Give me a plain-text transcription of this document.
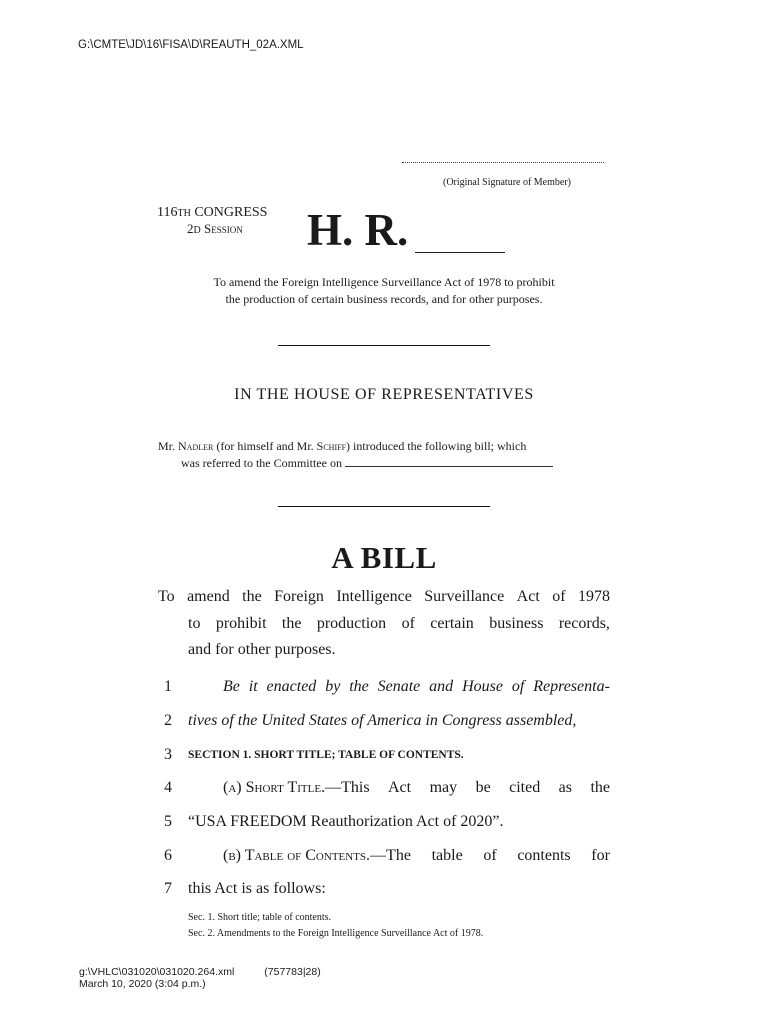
G:\CMTE\JD\16\FISA\D\REAUTH_02A.XML
(Original Signature of Member)
116TH CONGRESS
2D Session H. R.
To amend the Foreign Intelligence Surveillance Act of 1978 to prohibit
the production of certain business records, and for other purposes.
IN THE HOUSE OF REPRESENTATIVES
Mr. Nadler (for himself and Mr. Schiff) introduced the following bill; which
was referred to the Committee on
A BILL
To amend the Foreign Intelligence Surveillance Act of 1978
to prohibit the production of certain business records,
and for other purposes.
1	Be it enacted by the Senate and House of Representa-
2 tives of the United States of America in Congress assembled,
3 SECTION 1. SHORT TITLE; TABLE OF CONTENTS.
4	(a) Short Title. —This Act may be cited as the
5 “USA FREEDOM Reauthorization Act of 2020”.
6	(b) Table of Contents. —The table of contents for
7 this Act is as follows:
Sec. 1. Short title; table of contents.
Sec. 2. Amendments to the Foreign Intelligence Surveillance Act of 1978.
g:\VHLC\031020\031020.264.xml	(757783|28)
March 10, 2020 (3:04 p.m.)
